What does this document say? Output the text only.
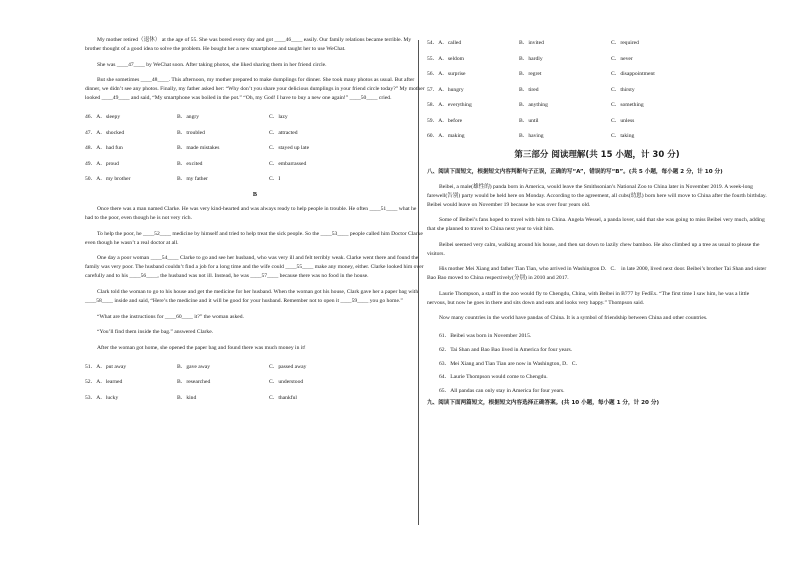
My mother retired（退休） at the age of 55. She was bored every day and got ____46____ easily. Our family relations became terrible. My brother thought of a good idea to solve the problem. He bought her a new smartphone and taught her to use WeChat.

She was ____47____ by WeChat soon. After taking photos, she liked sharing them in her friend circle.

But she sometimes ____48____. This afternoon, my mother prepared to make dumplings for dinner. She took many photos as usual. But after dinner, we didn’t see any photos. Finally, my father asked her: “Why don’t you share your delicious dumplings in your friend circle today?” My mother looked ____49____ and said, “My smartphone was boiled in the pot.” “Oh, my God! I have to buy a new one again!” ____50____ cried.

46．A．sleepy	B．angry	C．lazy
47．A．shocked	B．troubled	C．attracted
48．A．had fun	B．made mistakes	C．stayed up late
49．A．proud	B．excited	C．embarrassed
50．A．my brother	B．my father	C．I
B

Once there was a man named Clarke. He was very kind-hearted and was always ready to help people in trouble. He often ____51____ what he had to the poor, even though he is not very rich.

To help the poor, he ____52____ medicine by himself and tried to help treat the sick people. So the ____53____ people called him Doctor Clarke even though he wasn’t a real doctor at all.

One day a poor woman ____54____ Clarke to go and see her husband, who was very ill and felt terribly weak. Clarke went there and found the family was very poor. The husband couldn’t find a job for a long time and the wife could ____55____ make any money, either. Clarke looked him over carefully and to his ____56____, the husband was not ill. Instead, he was ____57____ because there was no food in the house.

Clark told the woman to go to his house and get the medicine for her husband. When the woman got his house, Clark gave her a paper bag with ____58____ inside and said, “Here’s the medicine and it will be good for your husband. Remember not to open it ____59____ you go home.”

“What are the instructions for ____60____ it?” the woman asked.

“You’ll find them inside the bag.” answered Clarke.

After the woman got home, she opened the paper bag and found there was much money in it!

51．A．put away	B．gave away	C．passed away
52．A．learned	B．researched	C．understood
53．A．lucky	B．kind	C．thankful
54．A．called	B．invited	C．required
55．A．seldom	B．hardly	C．never
56．A．surprise	B．regret	C．disappointment
57．A．hungry	B．tired	C．thirsty
58．A．everything	B．anything	C．something
59．A．before	B．until	C．unless
60．A．making	B．having	C．taking
第三部分 阅读理解(共 15 小题，计 30 分)
八、阅读下面短文，根据短文内容判断句子正误，正确的写“A”，错误的写“B”。(共 5 小题，每小题 2 分，计 10 分)

Beibei, a male(雄性的) panda born in America, would leave the Smithsonian’s National Zoo to China later in November 2019. A week-long farewell(告别) party would be held here on Monday. According to the agreement, all cubs(幼崽) born here will move to China after the fourth birthday. Beibei would leave on November 19 because he was over four years old.

Some of Beibei’s fans hoped to travel with him to China. Angela Wessel, a panda lover, said that she was going to miss Beibei very much, adding that she planned to travel to China next year to visit him.

Beibei seemed very calm, walking around his house, and then sat down to lazily chew bamboo. He also climbed up a tree as usual to please the visitors.

His mother Mei Xiang and father Tian Tian, who arrived in Washington D．C． in late 2000, lived next door. Beibei’s brother Tai Shan and sister Bao Bao moved to China respectively(分别) in 2010 and 2017.

Laurie Thompson, a staff in the zoo would fly to Chengdu, China, with Beibei in B777 by FedEx. “The first time I saw him, he was a little nervous, but now he goes in there and sits down and eats and looks very happy.” Thompson said.

Now many countries in the world have pandas of China. It is a symbol of friendship between China and other countries.

61．Beibei was born in November 2015.
62．Tai Shan and Bao Bao lived in America for four years.
63．Mei Xiang and Tian Tian are now in Washington, D．C．
64．Laurie Thompson would come to Chengdu.
65．All pandas can only stay in America for four years.
九、阅读下面两篇短文，根据短文内容选择正确答案。(共 10 小题，每小题 1 分，计 20 分)
